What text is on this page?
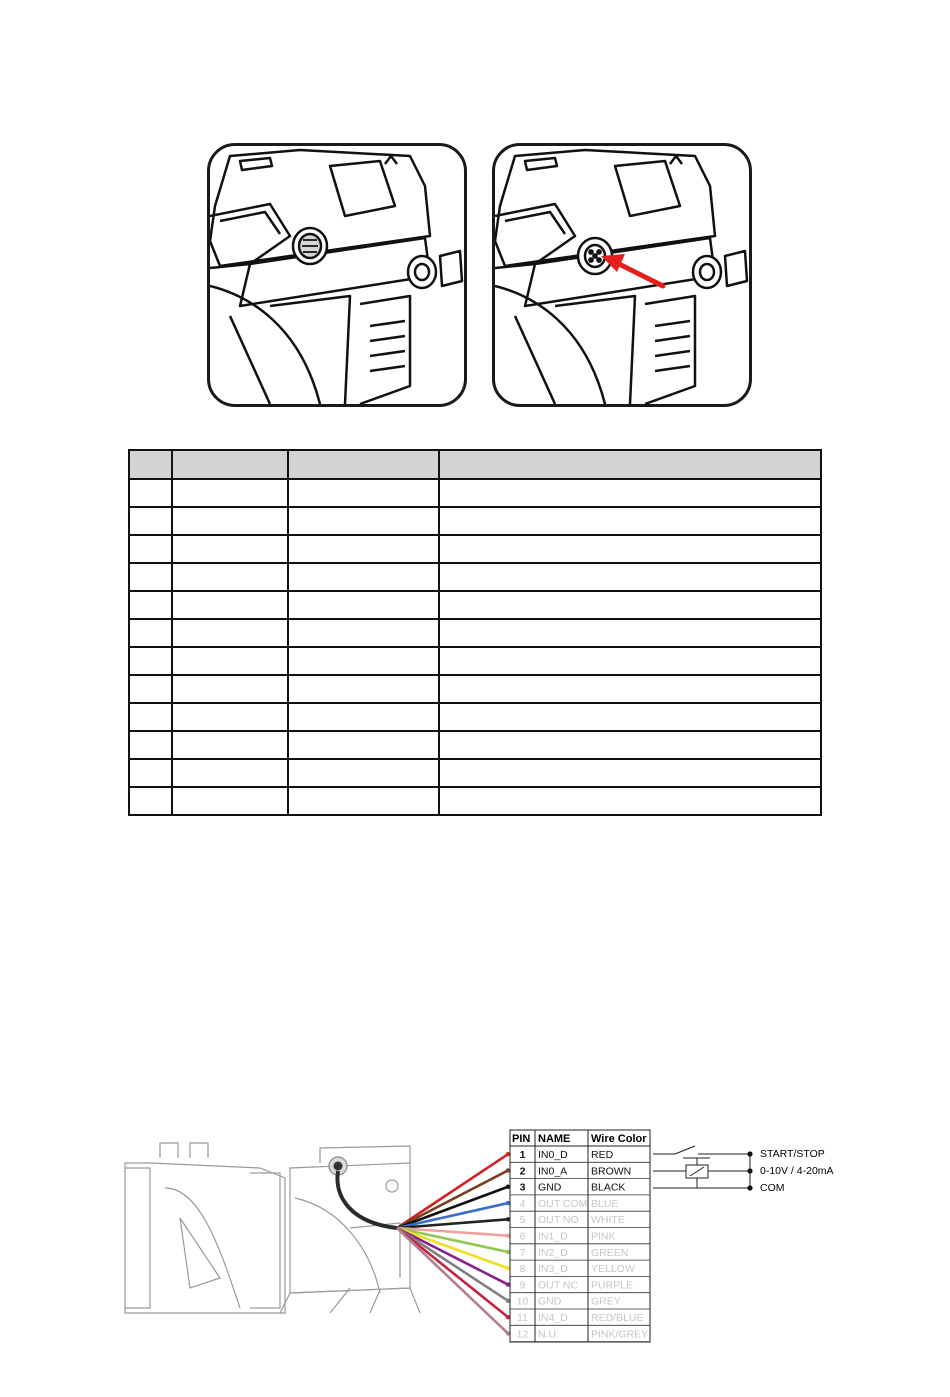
PIN NAME Wire Color
1 IN0_D RED
2 IN0_A BROWN
3 GND	BLACK
4 OUT COM BLUE
5 OUT NO WHITE
6 IN1_D PINK
7 IN2_D GREEN
8 IN3_D YELLOW
9 OUT NC PURPLE
10 GND	GREY
11 IN4_D RED/BLUE
12 N.U.	PINK/GREY
START/STOP
0-10V / 4-20mA
COM
